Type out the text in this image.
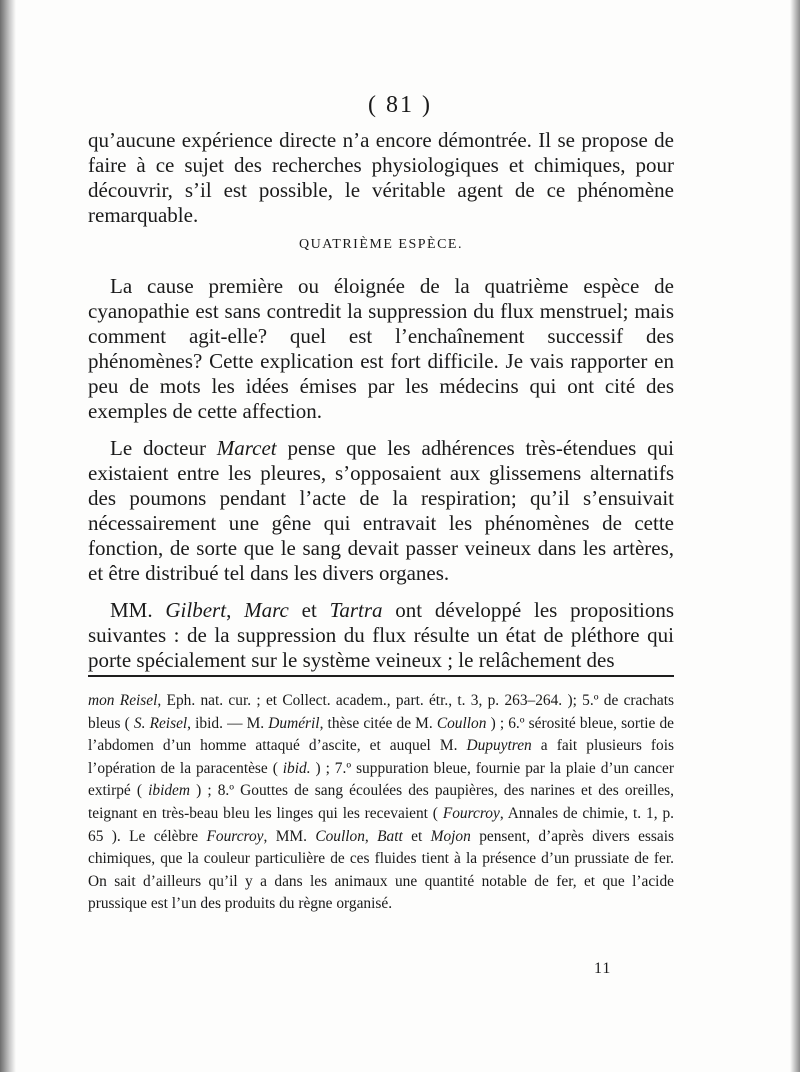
( 81 )

qu’aucune expérience directe n’a encore démontrée. Il se propose de faire à ce sujet des recherches physiologiques et chimiques, pour découvrir, s’il est possible, le véritable agent de ce phénomène remarquable.

QUATRIÈME ESPÈCE.

La cause première ou éloignée de la quatrième espèce de cyanopathie est sans contredit la suppression du flux menstruel; mais comment agit-elle? quel est l’enchaînement successif des phénomènes? Cette explication est fort difficile. Je vais rapporter en peu de mots les idées émises par les médecins qui ont cité des exemples de cette affection.

Le docteur Marcet pense que les adhérences très-étendues qui existaient entre les pleures, s’opposaient aux glissemens alternatifs des poumons pendant l’acte de la respiration; qu’il s’ensuivait nécessairement une gêne qui entravait les phénomènes de cette fonction, de sorte que le sang devait passer veineux dans les artères, et être distribué tel dans les divers organes.

MM. Gilbert, Marc et Tartra ont développé les propositions suivantes : de la suppression du flux résulte un état de pléthore qui porte spécialement sur le système veineux ; le relâchement des

mon Reisel, Eph. nat. cur. ; et Collect. academ., part. étr., t. 3, p. 263–264. ); 5.º de crachats bleus ( S. Reisel, ibid. — M. Duméril, thèse citée de M. Coullon ) ; 6.º sérosité bleue, sortie de l’abdomen d’un homme attaqué d’ascite, et auquel M. Dupuytren a fait plusieurs fois l’opération de la paracentèse ( ibid. ) ; 7.º suppuration bleue, fournie par la plaie d’un cancer extirpé ( ibidem ) ; 8.º Gouttes de sang écoulées des paupières, des narines et des oreilles, teignant en très-beau bleu les linges qui les recevaient ( Fourcroy, Annales de chimie, t. 1, p. 65 ). Le célèbre Fourcroy, MM. Coullon, Batt et Mojon pensent, d’après divers essais chimiques, que la couleur particulière de ces fluides tient à la présence d’un prussiate de fer. On sait d’ailleurs qu’il y a dans les animaux une quantité notable de fer, et que l’acide prussique est l’un des produits du règne organisé.

11
